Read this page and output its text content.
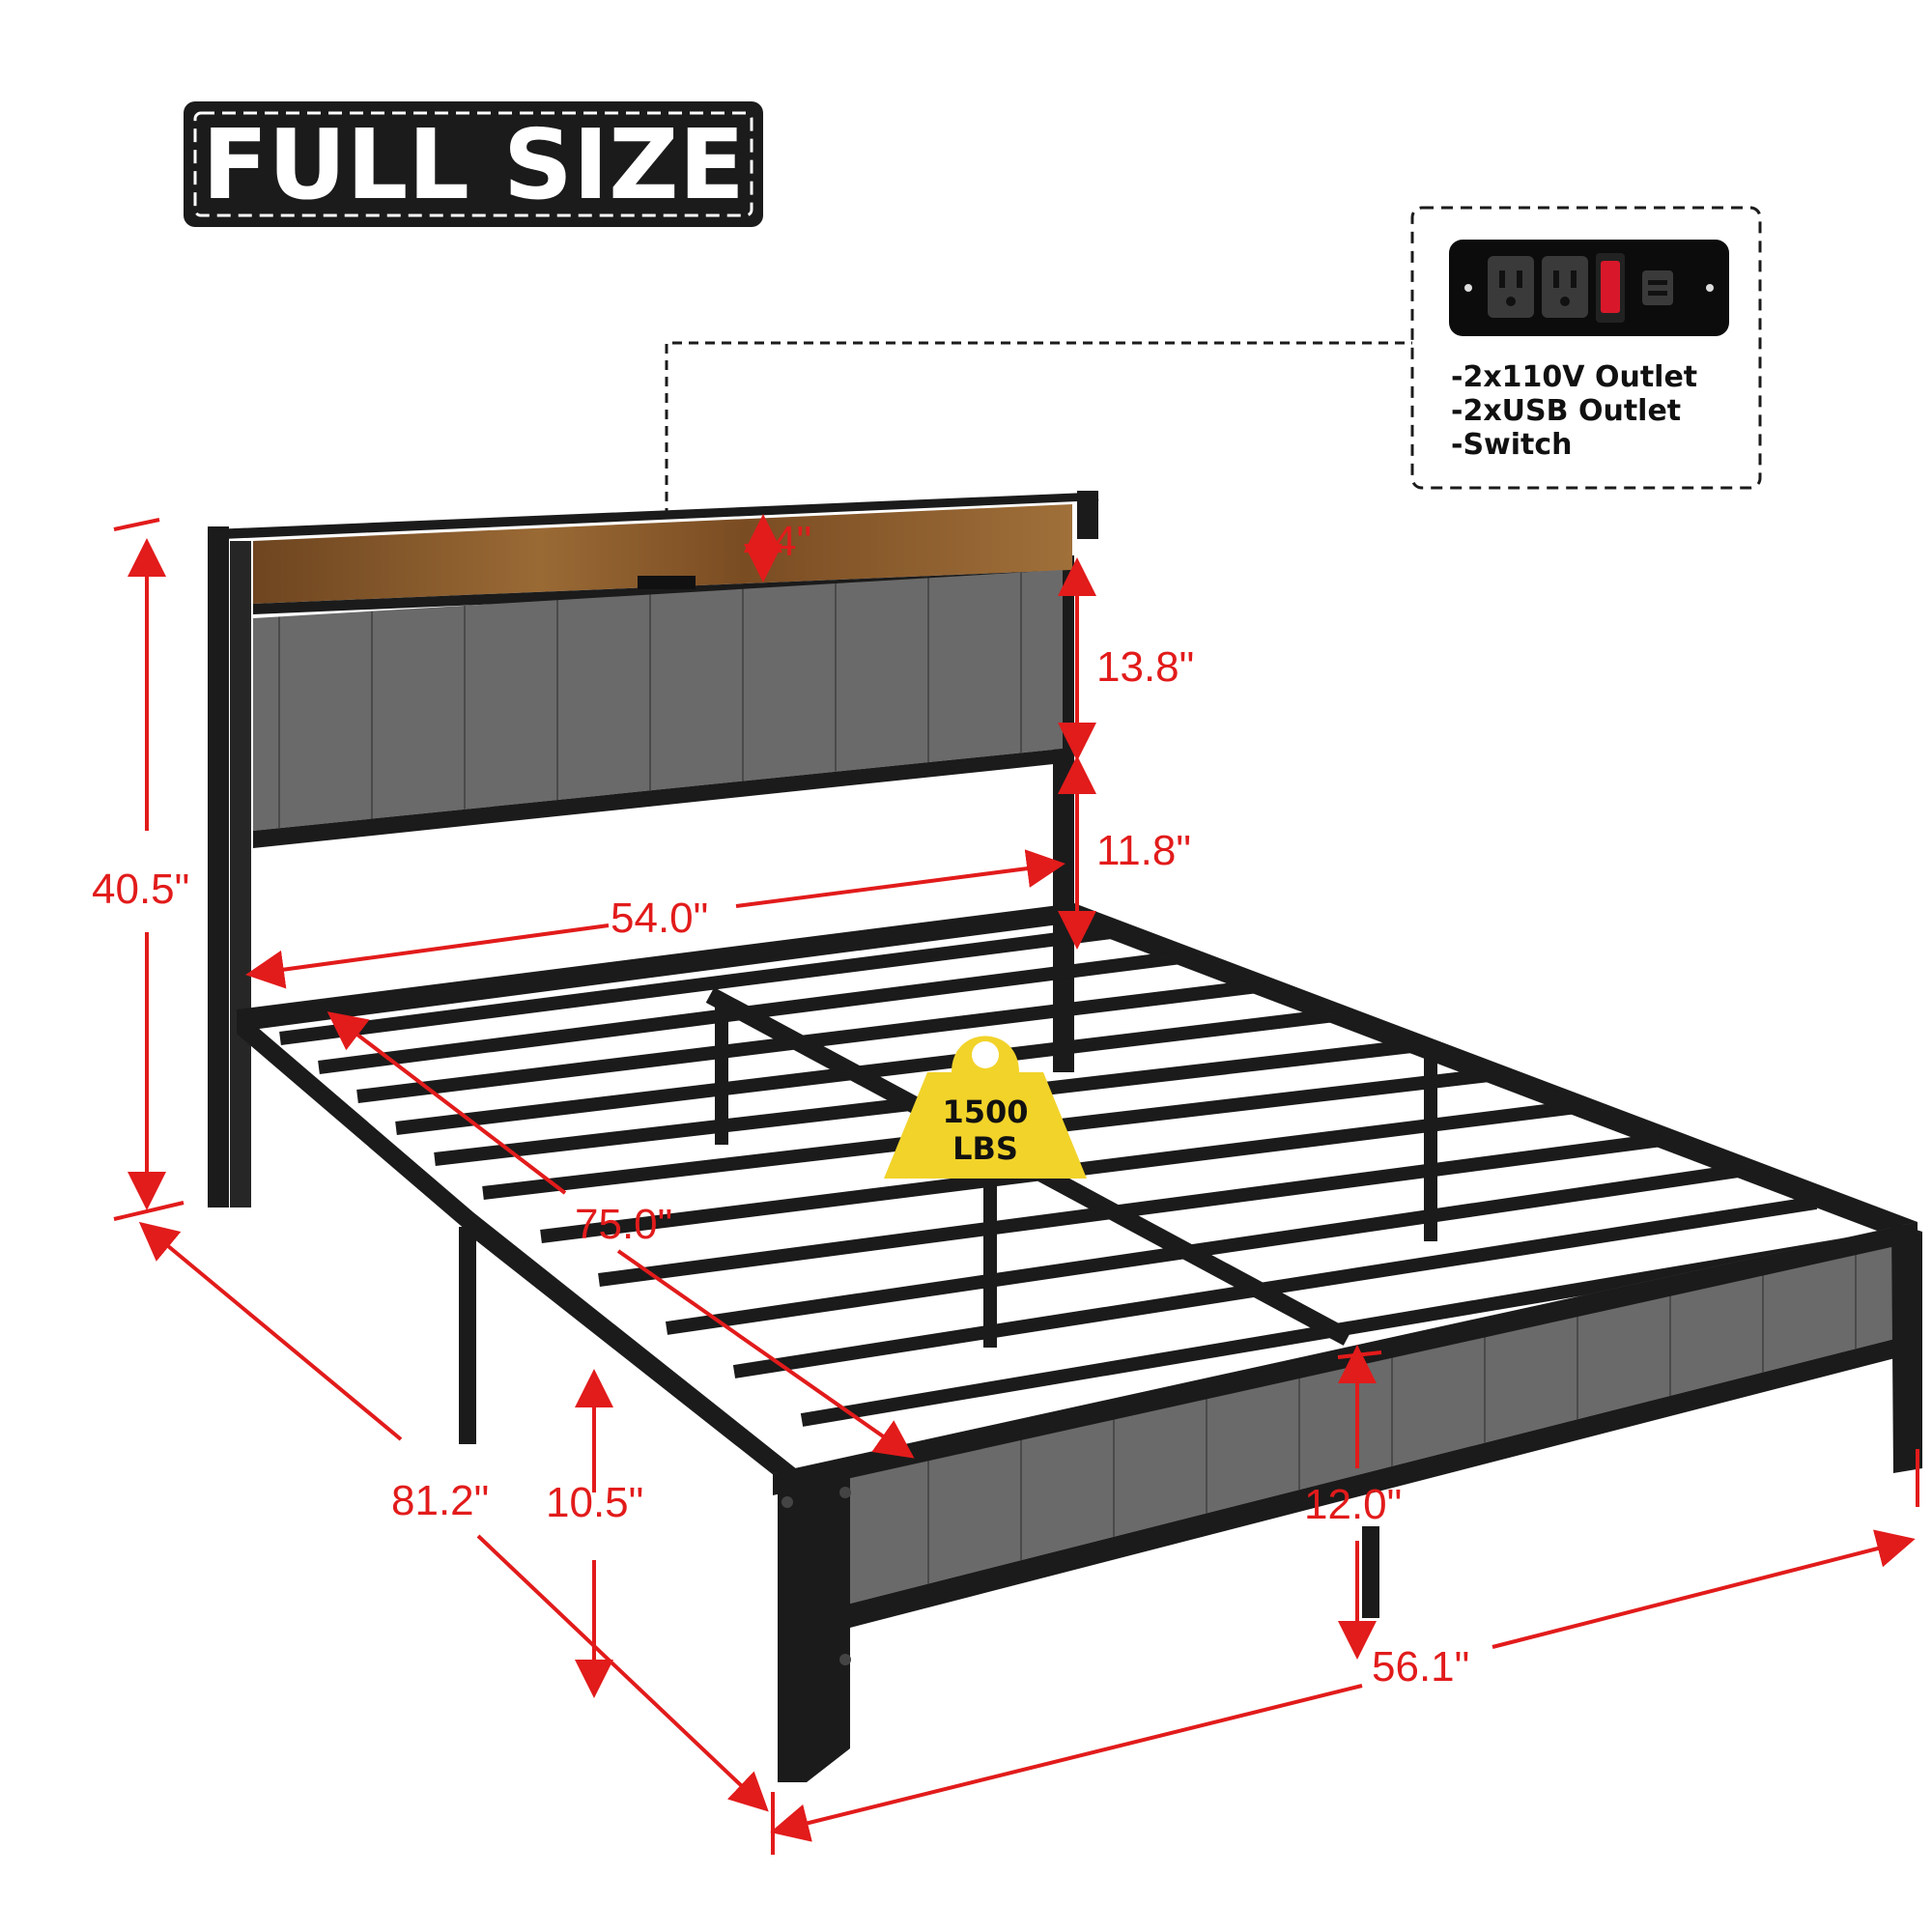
FULL SIZE
-2x110V Outlet
-2xUSB Outlet
-Switch
40.5"
4"
13.8"
11.8"
54.0"
75.0"
81.2" 10.5"	12.0"
56.1"
1500
LBS
